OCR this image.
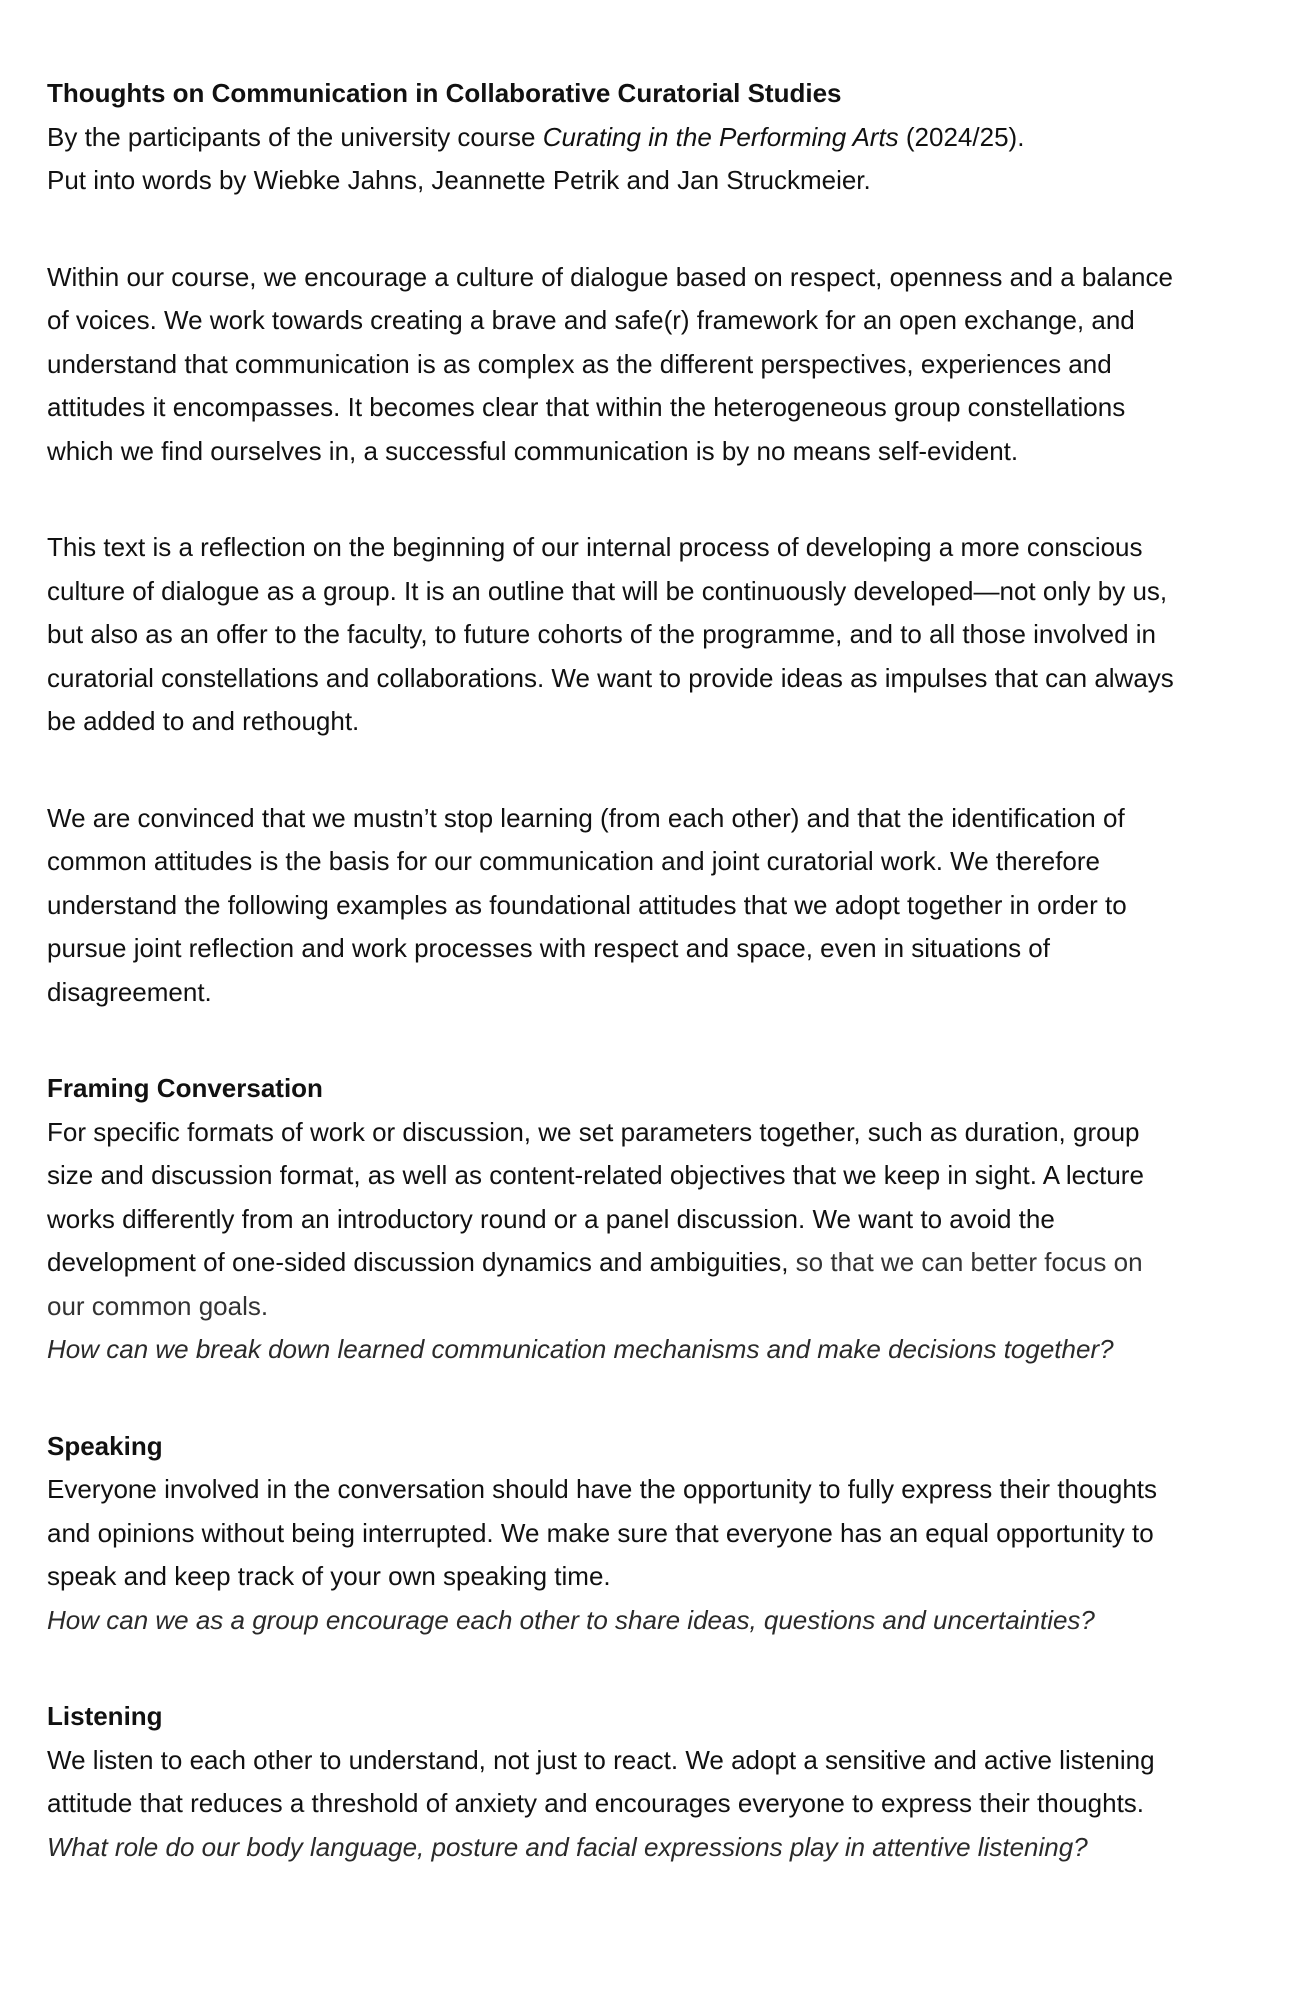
Thoughts on Communication in Collaborative Curatorial Studies
By the participants of the university course Curating in the Performing Arts (2024/25).
Put into words by Wiebke Jahns, Jeannette Petrik and Jan Struckmeier.
Within our course, we encourage a culture of dialogue based on respect, openness and a balance
of voices. We work towards creating a brave and safe(r) framework for an open exchange, and
understand that communication is as complex as the different perspectives, experiences and
attitudes it encompasses. It becomes clear that within the heterogeneous group constellations
which we find ourselves in, a successful communication is by no means self-evident.
This text is a reflection on the beginning of our internal process of developing a more conscious
culture of dialogue as a group. It is an outline that will be continuously developed—not only by us,
but also as an offer to the faculty, to future cohorts of the programme, and to all those involved in
curatorial constellations and collaborations. We want to provide ideas as impulses that can always
be added to and rethought.
We are convinced that we mustn’t stop learning (from each other) and that the identification of
common attitudes is the basis for our communication and joint curatorial work. We therefore
understand the following examples as foundational attitudes that we adopt together in order to
pursue joint reflection and work processes with respect and space, even in situations of
disagreement.
Framing Conversation
For specific formats of work or discussion, we set parameters together, such as duration, group
size and discussion format, as well as content-related objectives that we keep in sight. A lecture
works differently from an introductory round or a panel discussion. We want to avoid the
development of one-sided discussion dynamics and ambiguities, so that we can better focus on
our common goals.
How can we break down learned communication mechanisms and make decisions together?
Speaking
Everyone involved in the conversation should have the opportunity to fully express their thoughts
and opinions without being interrupted. We make sure that everyone has an equal opportunity to
speak and keep track of your own speaking time.
How can we as a group encourage each other to share ideas, questions and uncertainties?
Listening
We listen to each other to understand, not just to react. We adopt a sensitive and active listening
attitude that reduces a threshold of anxiety and encourages everyone to express their thoughts.
What role do our body language, posture and facial expressions play in attentive listening?
